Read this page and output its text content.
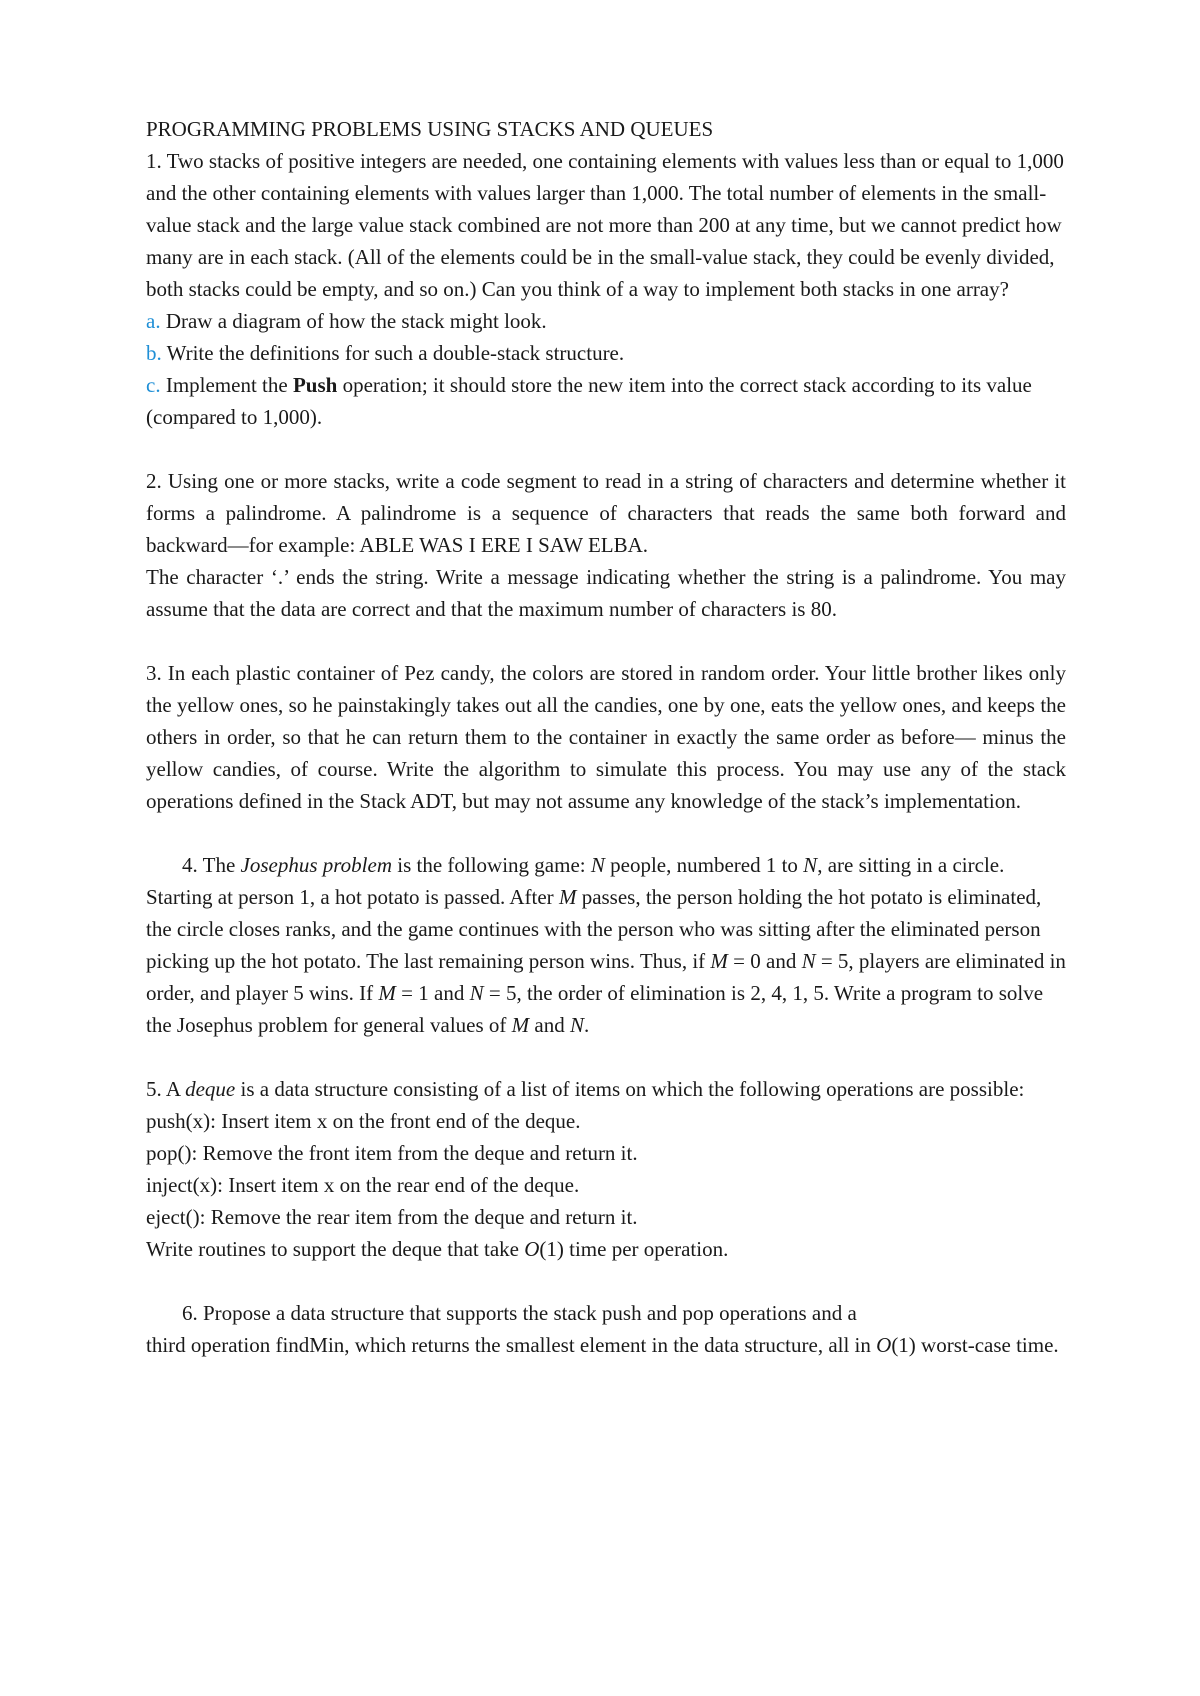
PROGRAMMING PROBLEMS USING STACKS AND QUEUES

1. Two stacks of positive integers are needed, one containing elements with values less than or equal to 1,000 and the other containing elements with values larger than 1,000. The total number of elements in the small-value stack and the large value stack combined are not more than 200 at any time, but we cannot predict how many are in each stack. (All of the elements could be in the small-value stack, they could be evenly divided, both stacks could be empty, and so on.) Can you think of a way to implement both stacks in one array?

a. Draw a diagram of how the stack might look.

b. Write the definitions for such a double-stack structure.

c. Implement the Push operation; it should store the new item into the correct stack according to its value (compared to 1,000).

2. Using one or more stacks, write a code segment to read in a string of characters and determine whether it forms a palindrome. A palindrome is a sequence of characters that reads the same both forward and backward—for example: ABLE WAS I ERE I SAW ELBA.

The character ‘.’ ends the string. Write a message indicating whether the string is a palindrome. You may assume that the data are correct and that the maximum number of characters is 80.

3. In each plastic container of Pez candy, the colors are stored in random order. Your little brother likes only the yellow ones, so he painstakingly takes out all the candies, one by one, eats the yellow ones, and keeps the others in order, so that he can return them to the container in exactly the same order as before— minus the yellow candies, of course. Write the algorithm to simulate this process. You may use any of the stack operations defined in the Stack ADT, but may not assume any knowledge of the stack’s implementation.

4. The Josephus problem is the following game: N people, numbered 1 to N, are sitting in a circle. Starting at person 1, a hot potato is passed. After M passes, the person holding the hot potato is eliminated, the circle closes ranks, and the game continues with the person who was sitting after the eliminated person picking up the hot potato. The last remaining person wins. Thus, if M = 0 and N = 5, players are eliminated in order, and player 5 wins. If M = 1 and N = 5, the order of elimination is 2, 4, 1, 5. Write a program to solve the Josephus problem for general values of M and N.

5. A deque is a data structure consisting of a list of items on which the following operations are possible:

push(x): Insert item x on the front end of the deque.

pop(): Remove the front item from the deque and return it.

inject(x): Insert item x on the rear end of the deque.

eject(): Remove the rear item from the deque and return it.

Write routines to support the deque that take O(1) time per operation.

6. Propose a data structure that supports the stack push and pop operations and a

third operation findMin, which returns the smallest element in the data structure, all in O(1) worst-case time.
